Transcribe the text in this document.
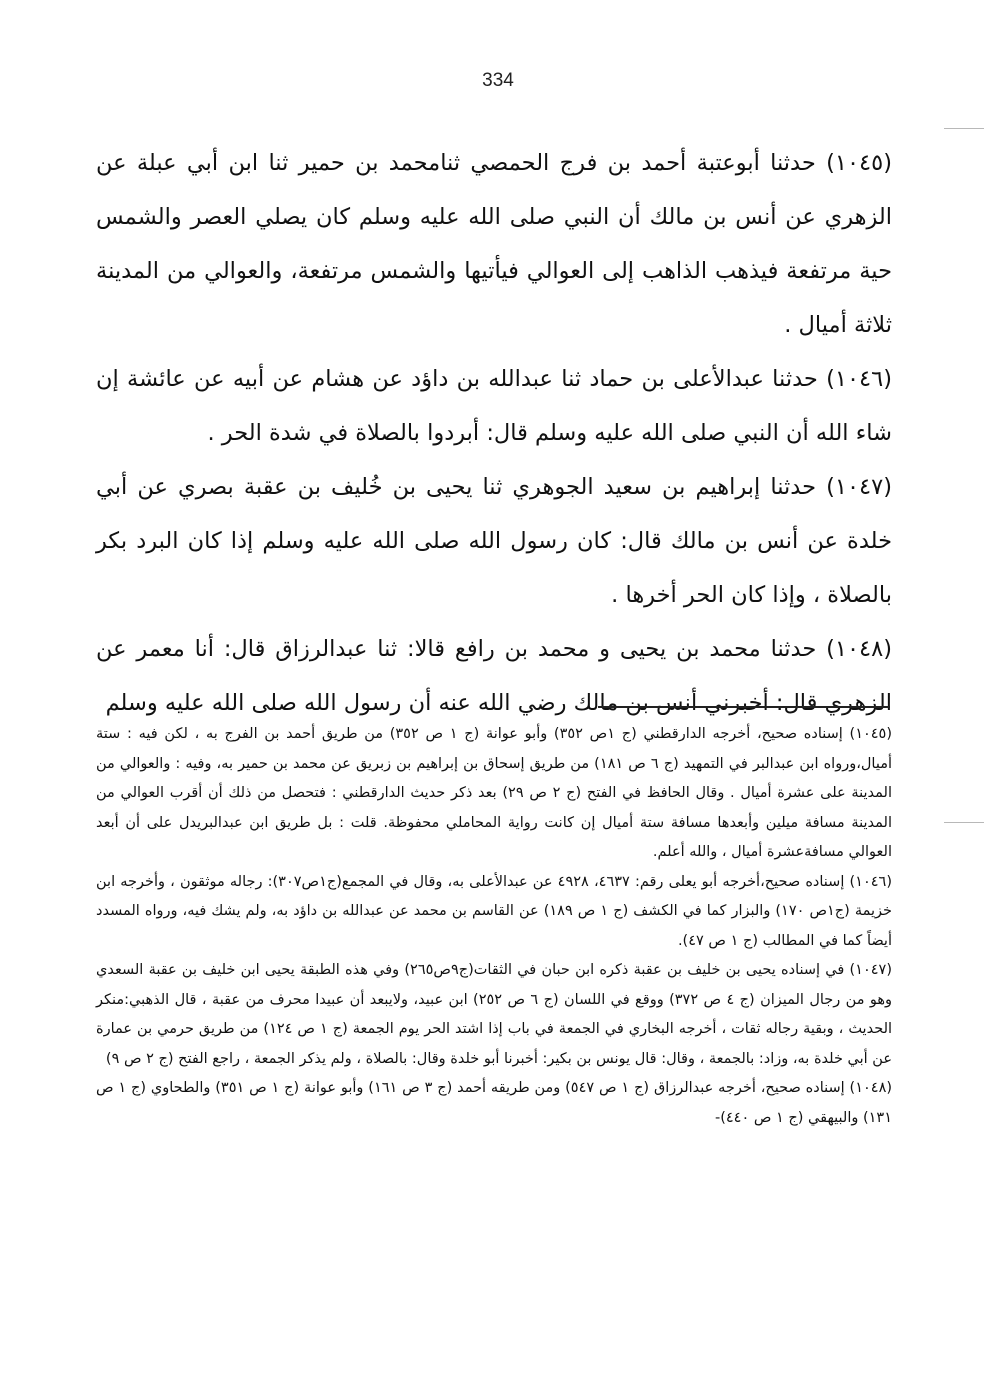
334

(١٠٤٥) حدثنا أبوعتبة أحمد بن فرج الحمصي ثنامحمد بن حمير ثنا ابن أبي عبلة عن الزهري عن أنس بن مالك أن النبي صلى الله عليه وسلم كان يصلي العصر والشمس حية مرتفعة فيذهب الذاهب إلى العوالي فيأتيها والشمس مرتفعة، والعوالي من المدينة ثلاثة أميال .

(١٠٤٦) حدثنا عبدالأعلى بن حماد ثنا عبدالله بن داؤد عن هشام عن أبيه عن عائشة إن شاء الله أن النبي صلى الله عليه وسلم قال: أبردوا بالصلاة في شدة الحر .

(١٠٤٧) حدثنا إبراهيم بن سعيد الجوهري ثنا يحيى بن خُليف بن عقبة بصري عن أبي خلدة عن أنس بن مالك قال: كان رسول الله صلى الله عليه وسلم إذا كان البرد بكر بالصلاة ، وإذا كان الحر أخرها .

(١٠٤٨) حدثنا محمد بن يحيى و محمد بن رافع قالا: ثنا عبدالرزاق قال: أنا معمر عن الزهري قال: أخبرني أنس بن مالك رضي الله عنه أن رسول الله صلى الله عليه وسلم

(١٠٤٥) إسناده صحيح، أخرجه الدارقطني (ج ١ص ٣٥٢) وأبو عوانة (ج ١ ص ٣٥٢) من طريق أحمد بن الفرج به ، لكن فيه : ستة أميال،ورواه ابن عبدالبر في التمهيد (ج ٦ ص ١٨١) من طريق إسحاق بن إبراهيم بن زبريق عن محمد بن حمير به، وفيه : والعوالي من المدينة على عشرة أميال . وقال الحافظ في الفتح (ج ٢ ص ٢٩) بعد ذكر حديث الدارقطني : فتحصل من ذلك أن أقرب العوالي من المدينة مسافة ميلين وأبعدها مسافة ستة أميال إن كانت رواية المحاملي محفوظة. قلت : بل طريق ابن عبدالبريدل على أن أبعد العوالي مسافةعشرة أميال ، والله أعلم.

(١٠٤٦) إسناده صحيح،أخرجه أبو يعلى رقم: ٤٦٣٧، ٤٩٢٨ عن عبدالأعلى به، وقال في المجمع(ج١ص٣٠٧): رجاله موثقون ، وأخرجه ابن خزيمة (ج١ص ١٧٠) والبزار كما في الكشف (ج ١ ص ١٨٩) عن القاسم بن محمد عن عبدالله بن داؤد به، ولم يشك فيه، ورواه المسدد أيضاً كما في المطالب (ج ١ ص ٤٧).

(١٠٤٧) في إسناده يحيى بن خليف بن عقبة ذكره ابن حبان في الثقات(ج٩ص٢٦٥) وفي هذه الطبقة يحيى ابن خليف بن عقبة السعدي وهو من رجال الميزان (ج ٤ ص ٣٧٢) ووقع في اللسان (ج ٦ ص ٢٥٢) ابن عبيد، ولايبعد أن عبيدا محرف من عقبة ، قال الذهبي:منكر الحديث ، وبقية رجاله ثقات ، أخرجه البخاري في الجمعة في باب إذا اشتد الحر يوم الجمعة (ج ١ ص ١٢٤) من طريق حرمي بن عمارة عن أبي خلدة به، وزاد: بالجمعة ، وقال: قال يونس بن بكير: أخبرنا أبو خلدة وقال: بالصلاة ، ولم يذكر الجمعة ، راجع الفتح (ج ٢ ص ٩)

(١٠٤٨) إسناده صحيح، أخرجه عبدالرزاق (ج ١ ص ٥٤٧) ومن طريقه أحمد (ج ٣ ص ١٦١) وأبو عوانة (ج ١ ص ٣٥١) والطحاوي (ج ١ ص ١٣١) والبيهقي (ج ١ ص ٤٤٠)-
